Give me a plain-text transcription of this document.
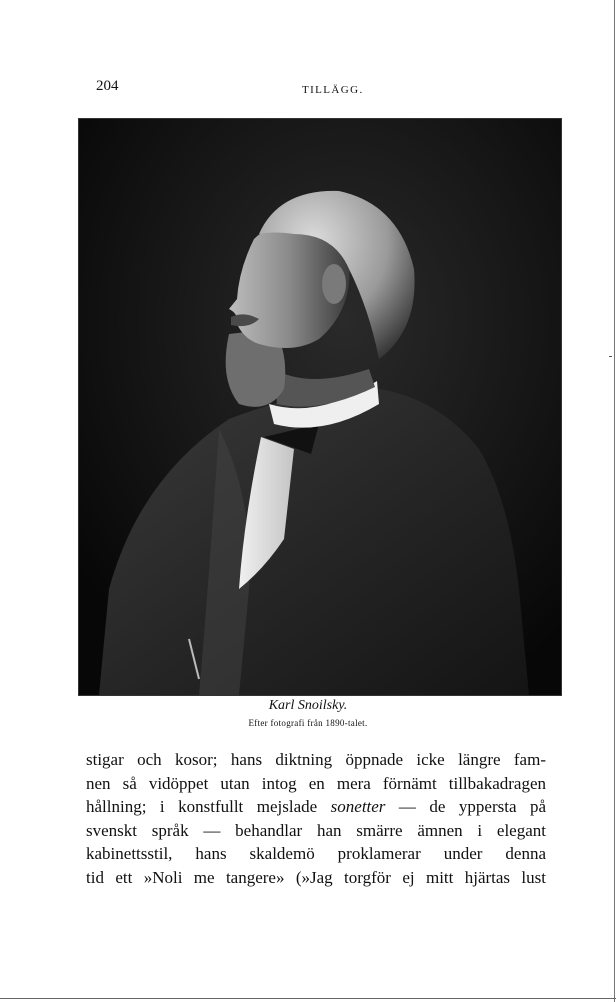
204	TILLÄGG.
Karl Snoilsky.
Efter fotografi från 1890-talet.
stigar och kosor; hans diktning öppnade icke längre fam-
nen så vidöppet utan intog en mera förnämt tillbakadragen
hållning; i konstfullt mejslade sonetter — de yppersta på
svenskt språk — behandlar han smärre ämnen i elegant
kabinettsstil, hans skaldemö proklamerar under denna
tid ett »Noli me tangere» (»Jag torgför ej mitt hjärtas lust
